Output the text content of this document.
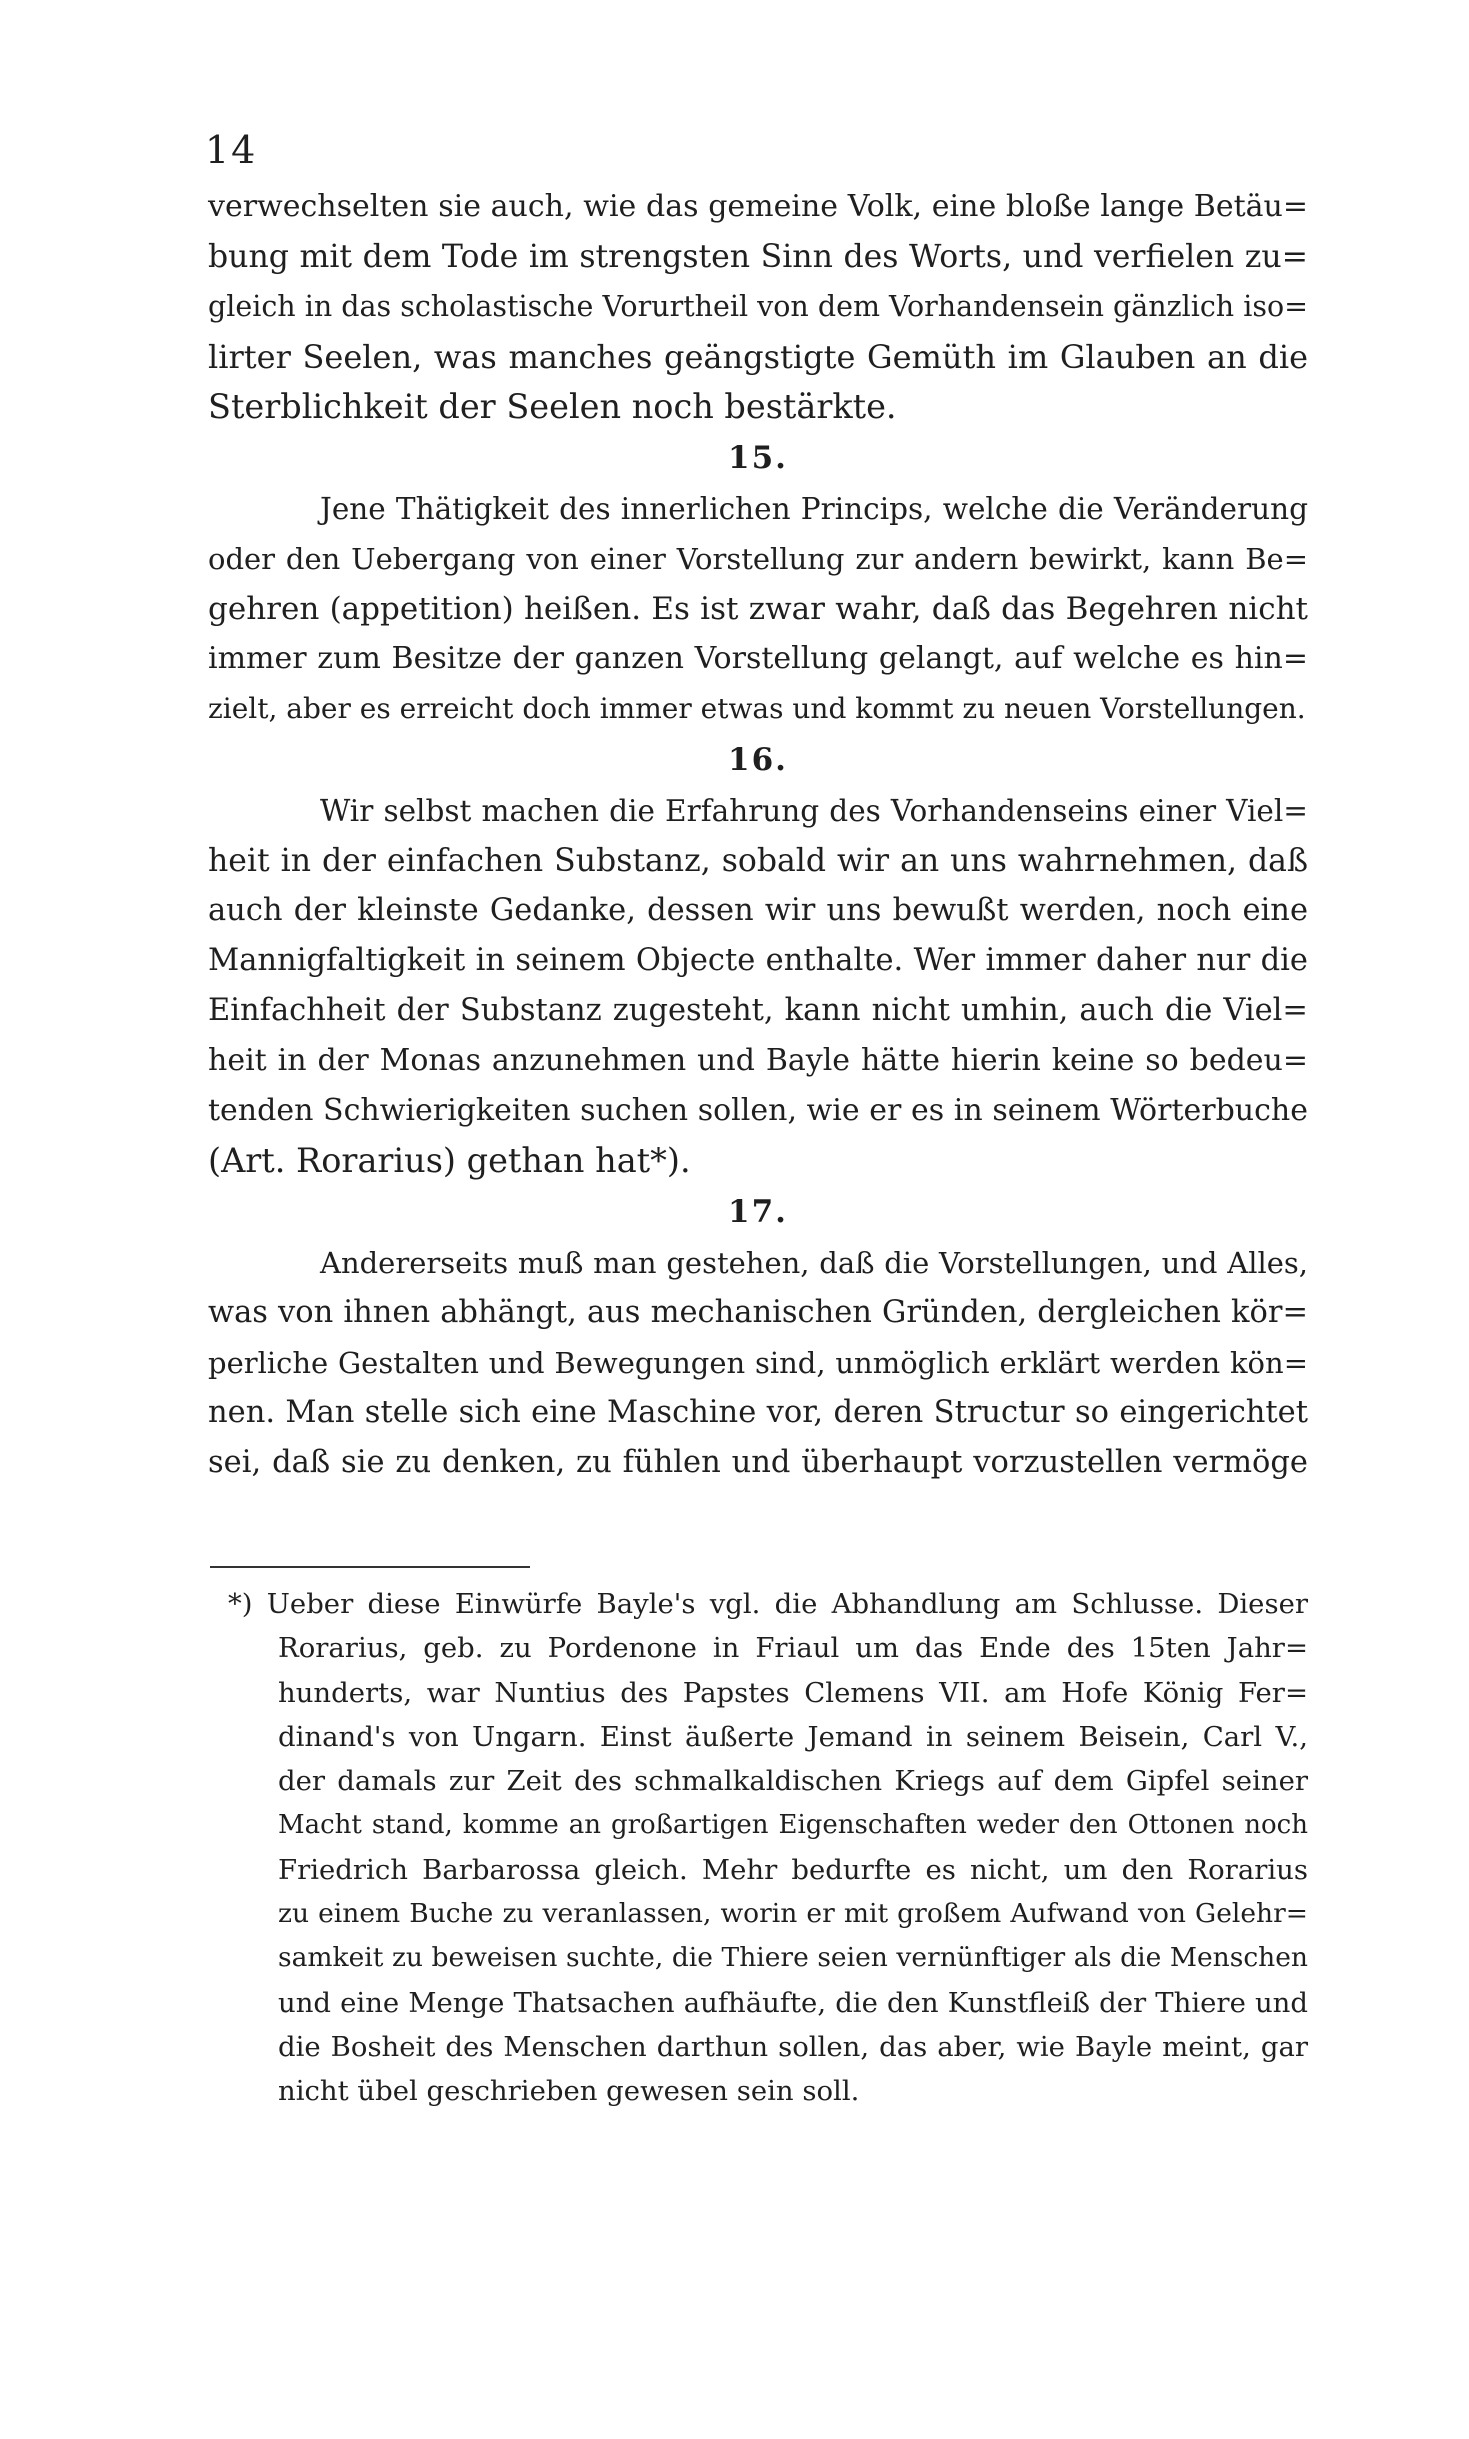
14
verwechselten sie auch, wie das gemeine Volk, eine bloße lange Betäu=
bung mit dem Tode im strengsten Sinn des Worts, und verfielen zu=
gleich in das scholastische Vorurtheil von dem Vorhandensein gänzlich iso=
lirter Seelen, was manches geängstigte Gemüth im Glauben an die
Sterblichkeit der Seelen noch bestärkte.
15.
Jene Thätigkeit des innerlichen Princips, welche die Veränderung
oder den Uebergang von einer Vorstellung zur andern bewirkt, kann Be=
gehren (appetition) heißen. Es ist zwar wahr, daß das Begehren nicht
immer zum Besitze der ganzen Vorstellung gelangt, auf welche es hin=
zielt, aber es erreicht doch immer etwas und kommt zu neuen Vorstellungen.
16.
Wir selbst machen die Erfahrung des Vorhandenseins einer Viel=
heit in der einfachen Substanz, sobald wir an uns wahrnehmen, daß
auch der kleinste Gedanke, dessen wir uns bewußt werden, noch eine
Mannigfaltigkeit in seinem Objecte enthalte. Wer immer daher nur die
Einfachheit der Substanz zugesteht, kann nicht umhin, auch die Viel=
heit in der Monas anzunehmen und Bayle hätte hierin keine so bedeu=
tenden Schwierigkeiten suchen sollen, wie er es in seinem Wörterbuche
(Art. Rorarius) gethan hat*).
17.
Andererseits muß man gestehen, daß die Vorstellungen, und Alles,
was von ihnen abhängt, aus mechanischen Gründen, dergleichen kör=
perliche Gestalten und Bewegungen sind, unmöglich erklärt werden kön=
nen. Man stelle sich eine Maschine vor, deren Structur so eingerichtet
sei, daß sie zu denken, zu fühlen und überhaupt vorzustellen vermöge
*) Ueber diese Einwürfe Bayle's vgl. die Abhandlung am Schlusse. Dieser
Rorarius, geb. zu Pordenone in Friaul um das Ende des 15ten Jahr=
hunderts, war Nuntius des Papstes Clemens VII. am Hofe König Fer=
dinand's von Ungarn. Einst äußerte Jemand in seinem Beisein, Carl V.,
der damals zur Zeit des schmalkaldischen Kriegs auf dem Gipfel seiner
Macht stand, komme an großartigen Eigenschaften weder den Ottonen noch
Friedrich Barbarossa gleich. Mehr bedurfte es nicht, um den Rorarius
zu einem Buche zu veranlassen, worin er mit großem Aufwand von Gelehr=
samkeit zu beweisen suchte, die Thiere seien vernünftiger als die Menschen
und eine Menge Thatsachen aufhäufte, die den Kunstfleiß der Thiere und
die Bosheit des Menschen darthun sollen, das aber, wie Bayle meint, gar
nicht übel geschrieben gewesen sein soll.
